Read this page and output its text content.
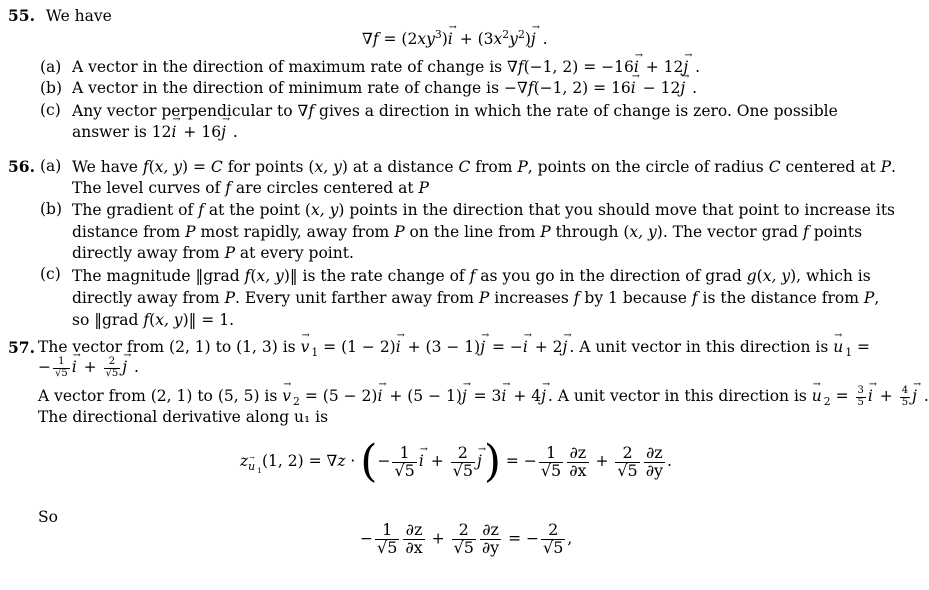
55. We have
$\nabla f = (2xy^3)\to i + (3x^2y^2)\to j$ .
(a) A vector in the direction of maximum rate of change is ∇f(−1, 2) = −16→ i + 12→ j .
(b) A vector in the direction of minimum rate of change is −∇f(−1, 2) = 16→ i − 12→ j .
(c) Any vector perpendicular to ∇f gives a direction in which the rate of change is zero. One possible answer is 12→ i + 16→ j .
56. (a) We have f(x, y) = C for points (x, y) at a distance C from P, points on the circle of radius C centered at P. The level curves of f are circles centered at P
(b) The gradient of f at the point (x, y) points in the direction that you should move that point to increase its distance from P most rapidly, away from P on the line from P through (x, y). The vector grad f points directly away from P at every point.
(c) The magnitude ‖grad f(x, y)‖ is the rate change of f as you go in the direction of grad g(x, y), which is directly away from P. Every unit farther away from P increases f by 1 because f is the distance from P, so ‖grad f(x, y)‖ = 1.
57. The vector from (2, 1) to (1, 3) is → v $_1$ = (1 − 2)→ i + (3 − 1)→ j = −→ i + 2→ j . A unit vector in this direction is → u $_1$ =
− $\frac{1}{√5}$
→ $i + \frac{2}{√5}$
→ j .
A vector from (2, 1) to (5, 5) is → v $_2$ = (5 − 2)→ i + (5 − 1)→ j = 3→ i + 4→ j . A unit vector in this direction is → u $_2 = \frac{3}{5}$
→ $i + \frac{4}{5}$
→ j .
The directional derivative along u₁ is
z→ $_{u _1}$(1, 2) = ∇z · (− $\frac{1}{√5}$
→ $i + \frac{2}{√5}$
→ j) = − $\frac{1}{√5} \frac{\partial z}{\partial x} + \frac{2}{√5} \frac{\partial z}{\partial y}$ .
So
− $\frac{1}{√5} \frac{\partial z}{\partial x} + \frac{2}{√5} \frac{\partial z}{\partial y}$ = − $\frac{2}{√5}$ ,
